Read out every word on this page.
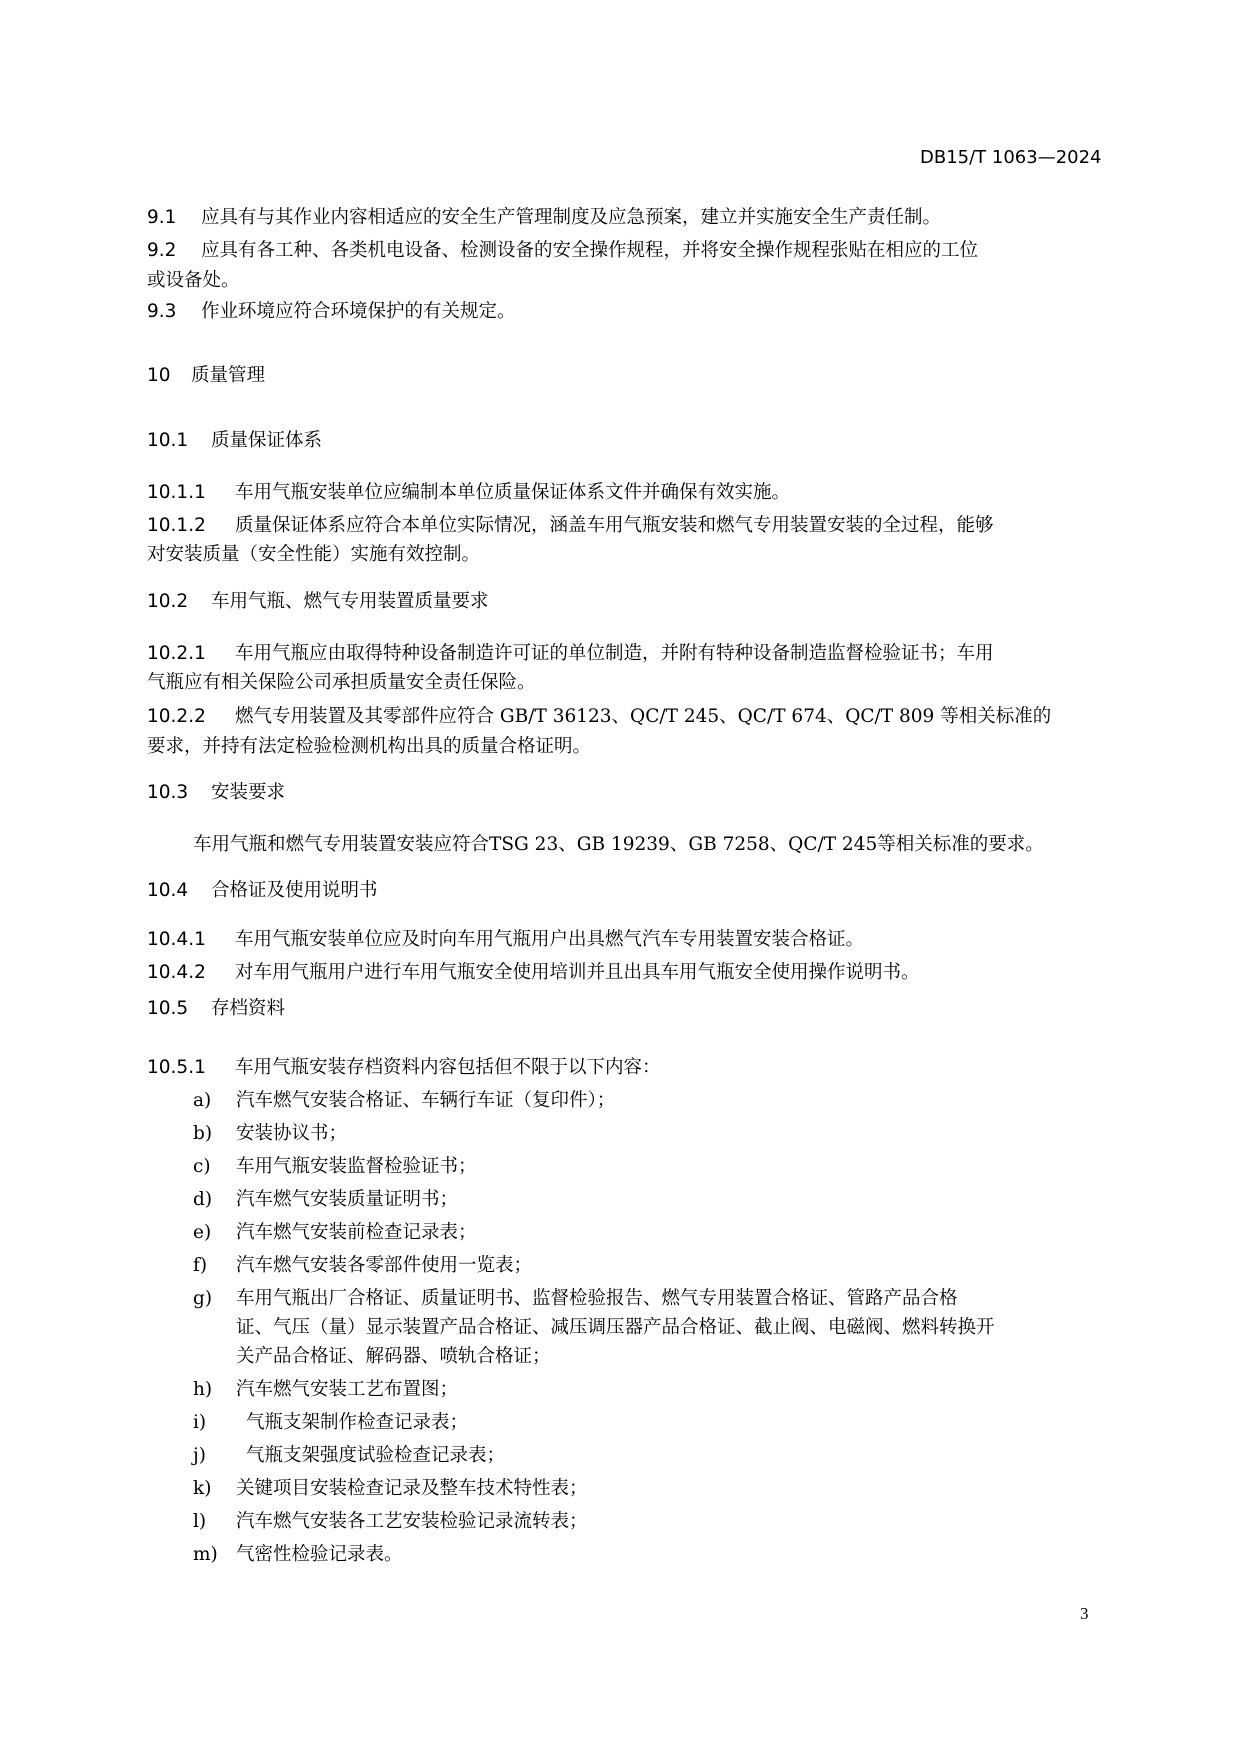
DB15/T 1063—2024
9.1 应具有与其作业内容相适应的安全生产管理制度及应急预案，建立并实施安全生产责任制。
9.2 应具有各工种、各类机电设备、检测设备的安全操作规程，并将安全操作规程张贴在相应的工位
或设备处。
9.3 作业环境应符合环境保护的有关规定。
10 质量管理
10.1 质量保证体系
10.1.1 车用气瓶安装单位应编制本单位质量保证体系文件并确保有效实施。
10.1.2 质量保证体系应符合本单位实际情况，涵盖车用气瓶安装和燃气专用装置安装的全过程，能够
对安装质量（安全性能）实施有效控制。
10.2 车用气瓶、燃气专用装置质量要求
10.2.1 车用气瓶应由取得特种设备制造许可证的单位制造，并附有特种设备制造监督检验证书；车用
气瓶应有相关保险公司承担质量安全责任保险。
10.2.2 燃气专用装置及其零部件应符合 GB/T 36123、QC/T 245、QC/T 674、QC/T 809 等相关标准的
要求，并持有法定检验检测机构出具的质量合格证明。
10.3 安装要求
车用气瓶和燃气专用装置安装应符合TSG 23、GB 19239、GB 7258、QC/T 245等相关标准的要求。
10.4 合格证及使用说明书
10.4.1 车用气瓶安装单位应及时向车用气瓶用户出具燃气汽车专用装置安装合格证。
10.4.2 对车用气瓶用户进行车用气瓶安全使用培训并且出具车用气瓶安全使用操作说明书。
10.5 存档资料
10.5.1 车用气瓶安装存档资料内容包括但不限于以下内容：
a) 汽车燃气安装合格证、车辆行车证（复印件）；
b) 安装协议书；
c) 车用气瓶安装监督检验证书；
d) 汽车燃气安装质量证明书；
e) 汽车燃气安装前检查记录表；
f) 汽车燃气安装各零部件使用一览表；
g) 车用气瓶出厂合格证、质量证明书、监督检验报告、燃气专用装置合格证、管路产品合格
证、气压（量）显示装置产品合格证、减压调压器产品合格证、截止阀、电磁阀、燃料转换开
关产品合格证、解码器、喷轨合格证；
h) 汽车燃气安装工艺布置图；
i) 气瓶支架制作检查记录表；
j) 气瓶支架强度试验检查记录表；
k) 关键项目安装检查记录及整车技术特性表；
l) 汽车燃气安装各工艺安装检验记录流转表；
m) 气密性检验记录表。
3
